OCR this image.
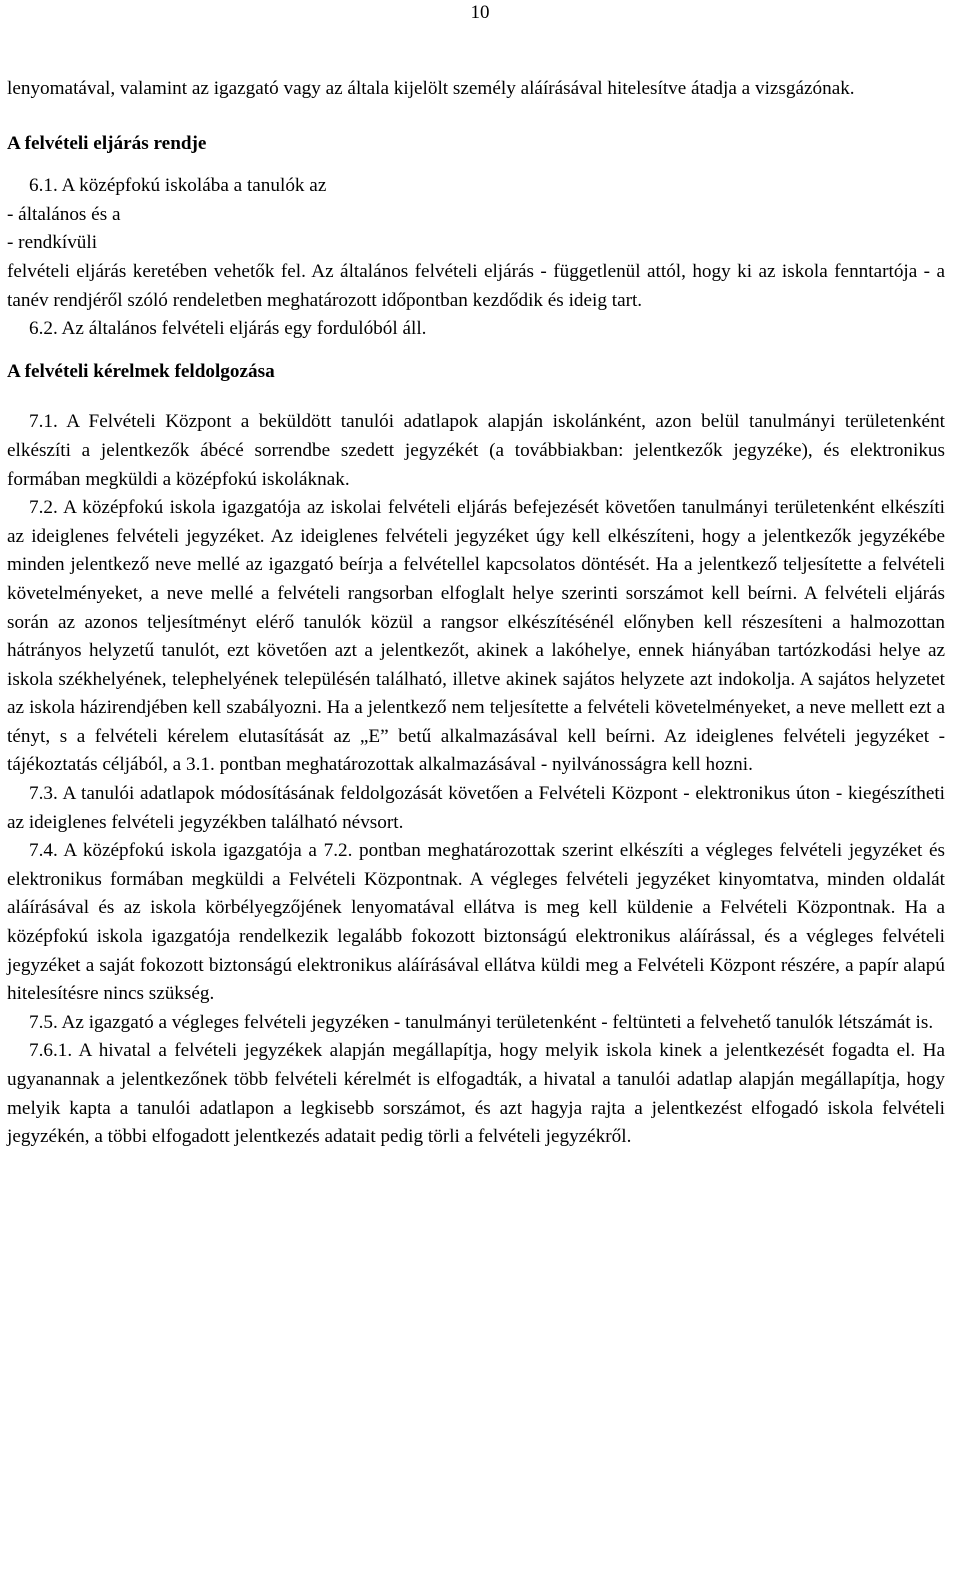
10

lenyomatával, valamint az igazgató vagy az általa kijelölt személy aláírásával hitelesítve átadja a vizsgázónak.

A felvételi eljárás rendje

6.1. A középfokú iskolába a tanulók az

- általános és a

- rendkívüli

felvételi eljárás keretében vehetők fel. Az általános felvételi eljárás - függetlenül attól, hogy ki az iskola fenntartója - a tanév rendjéről szóló rendeletben meghatározott időpontban kezdődik és ideig tart.

6.2. Az általános felvételi eljárás egy fordulóból áll.

A felvételi kérelmek feldolgozása

7.1. A Felvételi Központ a beküldött tanulói adatlapok alapján iskolánként, azon belül tanulmányi területenként elkészíti a jelentkezők ábécé sorrendbe szedett jegyzékét (a továbbiakban: jelentkezők jegyzéke), és elektronikus formában megküldi a középfokú iskoláknak.

7.2. A középfokú iskola igazgatója az iskolai felvételi eljárás befejezését követően tanulmányi területenként elkészíti az ideiglenes felvételi jegyzéket. Az ideiglenes felvételi jegyzéket úgy kell elkészíteni, hogy a jelentkezők jegyzékébe minden jelentkező neve mellé az igazgató beírja a felvétellel kapcsolatos döntését. Ha a jelentkező teljesítette a felvételi követelményeket, a neve mellé a felvételi rangsorban elfoglalt helye szerinti sorszámot kell beírni. A felvételi eljárás során az azonos teljesítményt elérő tanulók közül a rangsor elkészítésénél előnyben kell részesíteni a halmozottan hátrányos helyzetű tanulót, ezt követően azt a jelentkezőt, akinek a lakóhelye, ennek hiányában tartózkodási helye az iskola székhelyének, telephelyének településén található, illetve akinek sajátos helyzete azt indokolja. A sajátos helyzetet az iskola házirendjében kell szabályozni. Ha a jelentkező nem teljesítette a felvételi követelményeket, a neve mellett ezt a tényt, s a felvételi kérelem elutasítását az „E” betű alkalmazásával kell beírni. Az ideiglenes felvételi jegyzéket - tájékoztatás céljából, a 3.1. pontban meghatározottak alkalmazásával - nyilvánosságra kell hozni.

7.3. A tanulói adatlapok módosításának feldolgozását követően a Felvételi Központ - elektronikus úton - kiegészítheti az ideiglenes felvételi jegyzékben található névsort.

7.4. A középfokú iskola igazgatója a 7.2. pontban meghatározottak szerint elkészíti a végleges felvételi jegyzéket és elektronikus formában megküldi a Felvételi Központnak. A végleges felvételi jegyzéket kinyomtatva, minden oldalát aláírásával és az iskola körbélyegzőjének lenyomatával ellátva is meg kell küldenie a Felvételi Központnak. Ha a középfokú iskola igazgatója rendelkezik legalább fokozott biztonságú elektronikus aláírással, és a végleges felvételi jegyzéket a saját fokozott biztonságú elektronikus aláírásával ellátva küldi meg a Felvételi Központ részére, a papír alapú hitelesítésre nincs szükség.

7.5. Az igazgató a végleges felvételi jegyzéken - tanulmányi területenként - feltünteti a felvehető tanulók létszámát is.

7.6.1. A hivatal a felvételi jegyzékek alapján megállapítja, hogy melyik iskola kinek a jelentkezését fogadta el. Ha ugyanannak a jelentkezőnek több felvételi kérelmét is elfogadták, a hivatal a tanulói adatlap alapján megállapítja, hogy melyik kapta a tanulói adatlapon a legkisebb sorszámot, és azt hagyja rajta a jelentkezést elfogadó iskola felvételi jegyzékén, a többi elfogadott jelentkezés adatait pedig törli a felvételi jegyzékről.
